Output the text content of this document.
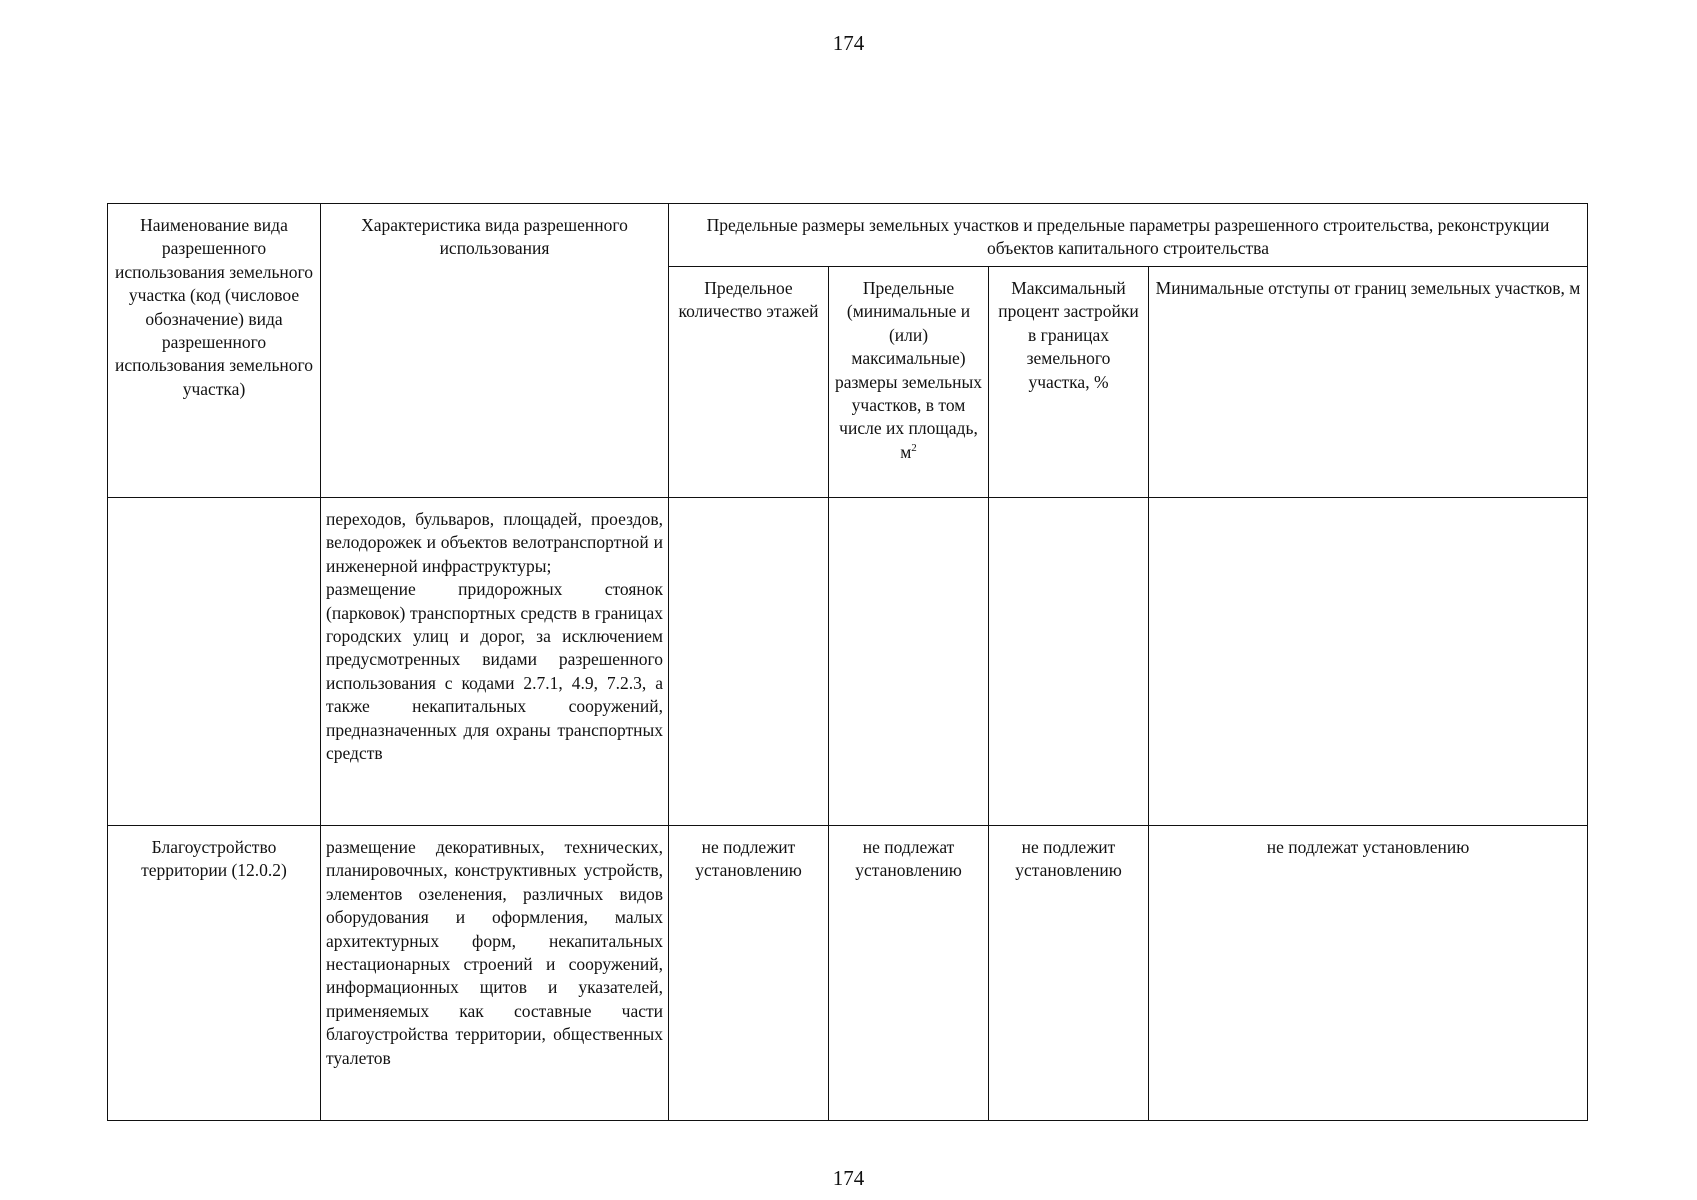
174
Наименование вида разрешенного использования земельного участка (код (числовое обозначение) вида разрешенного использования земельного участка)	Характеристика вида разрешенного использования	Предельные размеры земельных участков и предельные параметры разрешенного строительства, реконструкции объектов капитального строительства			
		Предельное количество этажей	Предельные (минимальные и (или) максимальные) размеры земельных участков, в том числе их площадь, $м^2$	Максимальный процент застройки в границах земельного участка, %	Минимальные отступы от границ земельных участков, м

	переходов, бульваров, площадей, проездов, велодорожек и объектов велотранспортной и инженерной инфраструктуры;
размещение придорожных стоянок (парковок) транспортных средств в границах городских улиц и дорог, за исключением предусмотренных видами разрешенного использования с кодами 2.7.1, 4.9, 7.2.3, а также некапитальных сооружений, предназначенных для охраны транспортных средств				

Благоустройство территории (12.0.2)	размещение декоративных, технических, планировочных, конструктивных устройств, элементов озеленения, различных видов оборудования и оформления, малых архитектурных форм, некапитальных нестационарных строений и сооружений, информационных щитов и указателей, применяемых как составные части благоустройства территории, общественных туалетов	не подлежит установлению	не подлежат установлению	не подлежит установлению	не подлежат установлению
174
